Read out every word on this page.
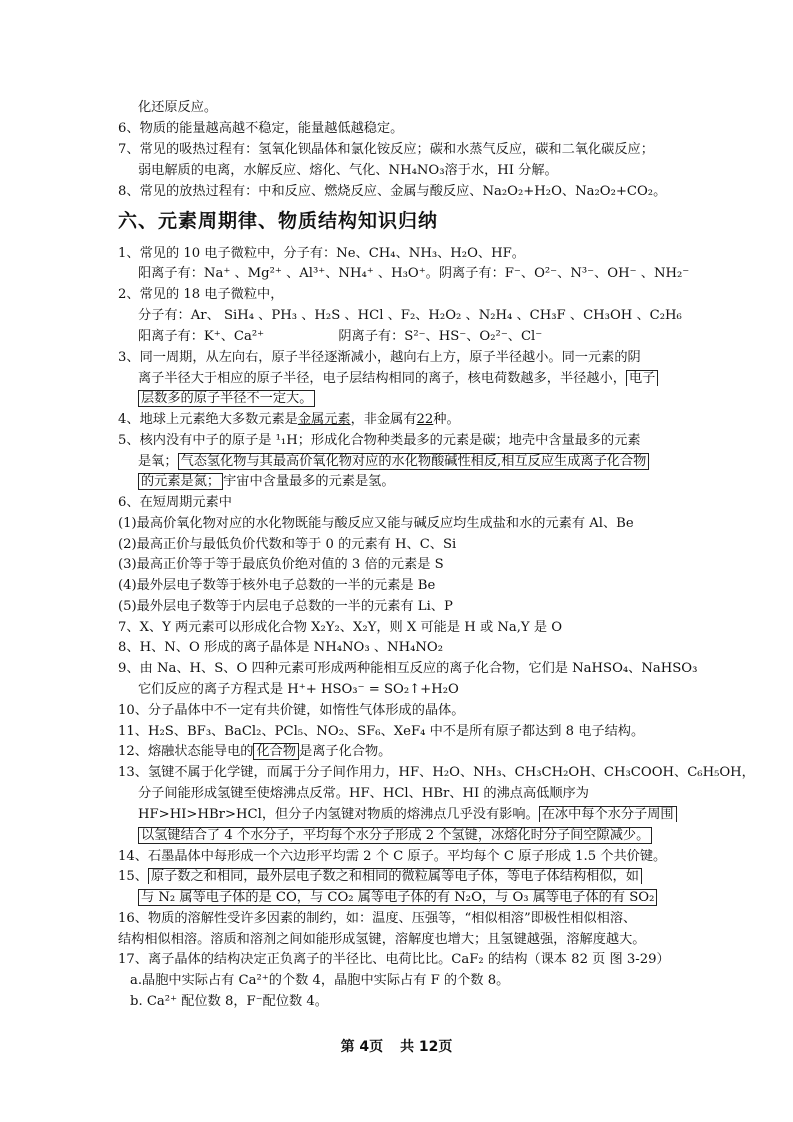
化还原反应。
6、物质的能量越高越不稳定，能量越低越稳定。
7、常见的吸热过程有：氢氧化钡晶体和氯化铵反应；碳和水蒸气反应，碳和二氧化碳反应；
弱电解质的电离，水解反应、熔化、气化、NH₄NO₃溶于水，HI 分解。
8、常见的放热过程有：中和反应、燃烧反应、金属与酸反应、Na₂O₂+H₂O、Na₂O₂+CO₂。
六、元素周期律、物质结构知识归纳
1、常见的 10 电子微粒中，分子有：Ne、CH₄、NH₃、H₂O、HF。
阳离子有：Na⁺ 、Mg²⁺ 、Al³⁺、NH₄⁺ 、H₃O⁺。阴离子有：F⁻、O²⁻、N³⁻、OH⁻ 、NH₂⁻
2、常见的 18 电子微粒中，
分子有：Ar、 SiH₄ 、PH₃ 、H₂S 、HCl 、F₂、H₂O₂ 、N₂H₄ 、CH₃F 、CH₃OH 、C₂H₆
阳离子有：K⁺、Ca²⁺	阴离子有：S²⁻、HS⁻、O₂²⁻、Cl⁻
3、同一周期，从左向右，原子半径逐渐减小，越向右上方，原子半径越小。同一元素的阴
离子半径大于相应的原子半径，电子层结构相同的离子，核电荷数越多，半径越小， 电子
层数多的原子半径不一定大。
4、地球上元素绝大多数元素是金属元素，非金属有22种。
5、核内没有中子的原子是 ¹₁H；形成化合物种类最多的元素是碳；地壳中含量最多的元素
是氧； 气态氢化物与其最高价氧化物对应的水化物酸碱性相反,相互反应生成离子化合物
的元素是氮； 宇宙中含量最多的元素是氢。
6、在短周期元素中
(1)最高价氧化物对应的水化物既能与酸反应又能与碱反应均生成盐和水的元素有 Al、Be
(2)最高正价与最低负价代数和等于 0 的元素有 H、C、Si
(3)最高正价等于等于最底负价绝对值的 3 倍的元素是 S
(4)最外层电子数等于核外电子总数的一半的元素是 Be
(5)最外层电子数等于内层电子总数的一半的元素有 Li、P
7、X、Y 两元素可以形成化合物 X₂Y₂、X₂Y，则 X 可能是 H 或 Na,Y 是 O
8、H、N、O 形成的离子晶体是 NH₄NO₃ 、NH₄NO₂
9、由 Na、H、S、O 四种元素可形成两种能相互反应的离子化合物，它们是 NaHSO₄、NaHSO₃
它们反应的离子方程式是 H⁺+ HSO₃⁻ = SO₂↑+H₂O
10、分子晶体中不一定有共价键，如惰性气体形成的晶体。
11、H₂S、BF₃、BaCl₂、PCl₅、NO₂、SF₆、XeF₄ 中不是所有原子都达到 8 电子结构。
12、熔融状态能导电的 化合物 是离子化合物。
13、氢键不属于化学键，而属于分子间作用力，HF、H₂O、NH₃、CH₃CH₂OH、CH₃COOH、C₆H₅OH，
分子间能形成氢键至使熔沸点反常。HF、HCl、HBr、HI 的沸点高低顺序为
HF>HI>HBr>HCl，但分子内氢键对物质的熔沸点几乎没有影响。 在冰中每个水分子周围
以氢键结合了 4 个水分子，平均每个水分子形成 2 个氢键，冰熔化时分子间空隙减少。
14、石墨晶体中每形成一个六边形平均需 2 个 C 原子。平均每个 C 原子形成 1.5 个共价键。
15、 原子数之和相同，最外层电子数之和相同的微粒属等电子体，等电子体结构相似，如
与 N₂ 属等电子体的是 CO，与 CO₂ 属等电子体的有 N₂O，与 O₃ 属等电子体的有 SO₂
16、物质的溶解性受许多因素的制约，如：温度、压强等，“相似相溶”即极性相似相溶、
结构相似相溶。溶质和溶剂之间如能形成氢键，溶解度也增大；且氢键越强，溶解度越大。
17、离子晶体的结构决定正负离子的半径比、电荷比比。CaF₂ 的结构（课本 82 页 图 3-29）
a.晶胞中实际占有 Ca²⁺的个数 4，晶胞中实际占有 F 的个数 8。
b. Ca²⁺ 配位数 8，F⁻配位数 4。
第 4页 共 12页
